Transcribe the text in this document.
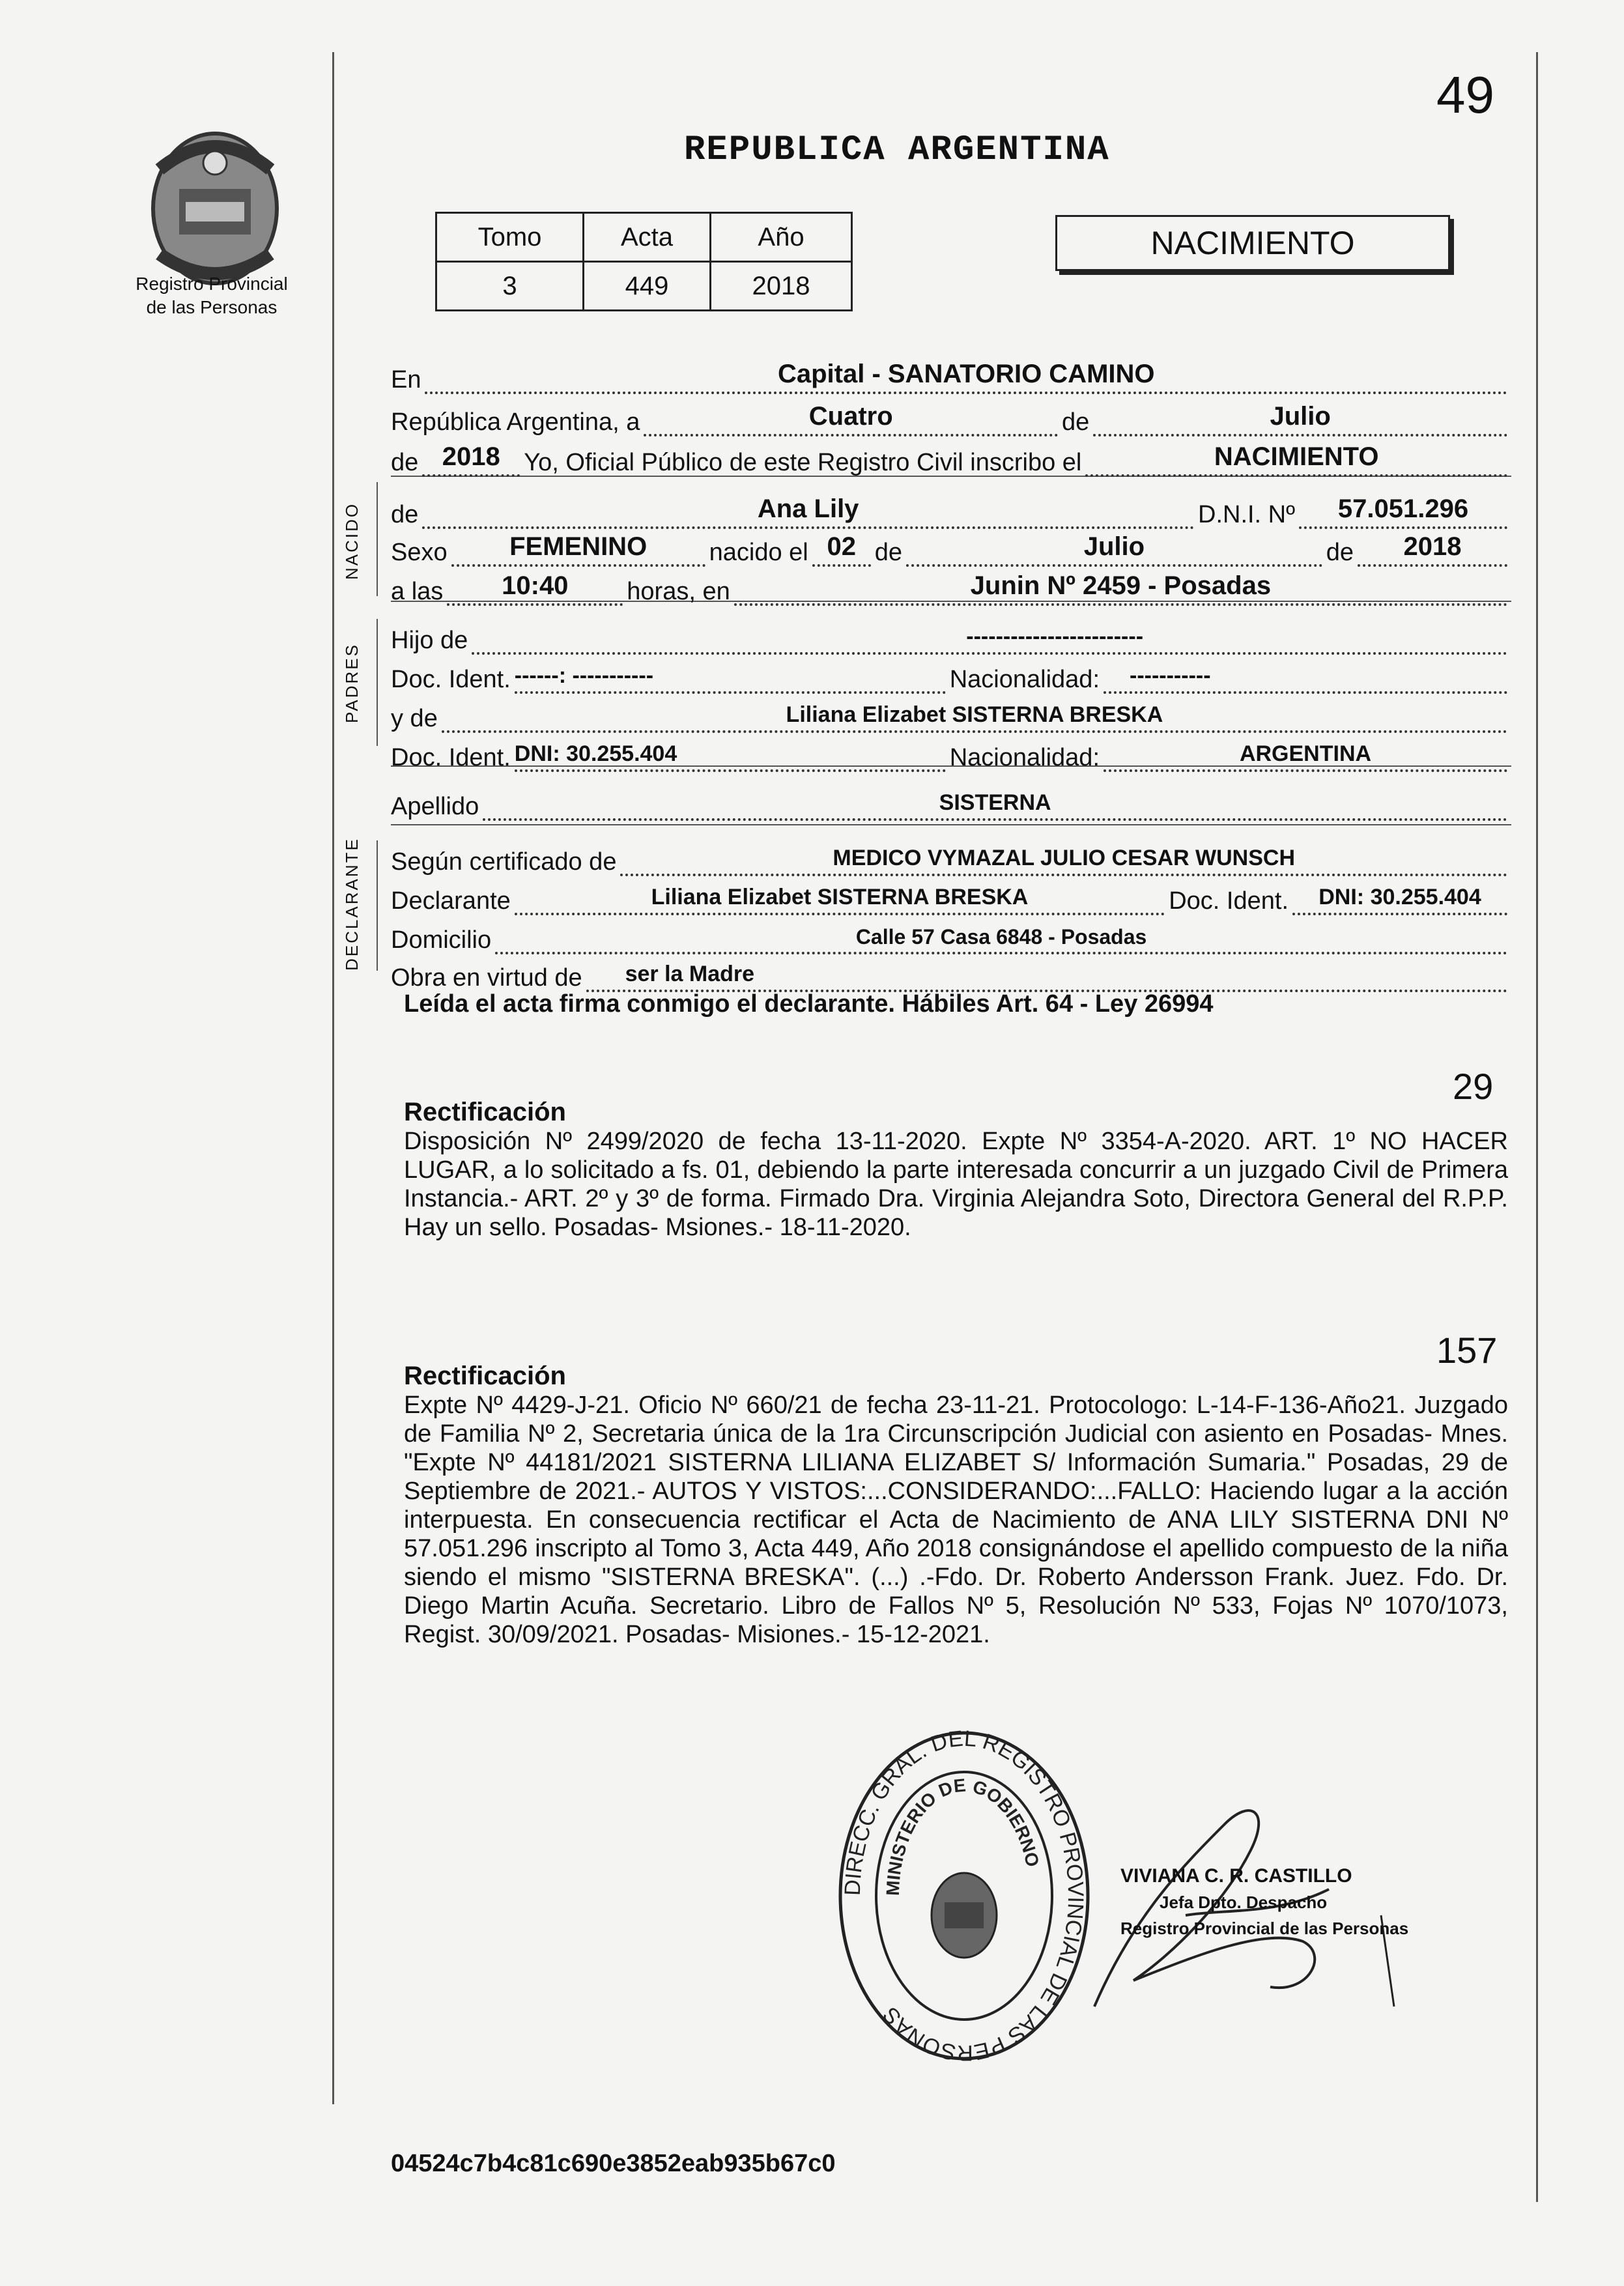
49
REPUBLICA ARGENTINA
Registro Provincial
de las Personas
Tomo	Acta	Año
3	449	2018
NACIMIENTO
NACIDO
PADRES
DECLARANTE
En	Capital - SANATORIO CAMINO
República Argentina, a	Cuatro	de	Julio
de 2018 Yo, Oficial Público de este Registro Civil inscribo el	NACIMIENTO
de	Ana Lily	D.N.I. Nº	57.051.296
Sexo	FEMENINO	nacido el 02 de	Julio	de	2018
a las	10:40	horas, en	Junin Nº 2459 - Posadas
Hijo de	------------------------
Doc. Ident. ------: -----------	Nacionalidad: -----------
y de	Liliana Elizabet SISTERNA BRESKA
Doc. Ident. DNI: 30.255.404	Nacionalidad:	ARGENTINA
Apellido	SISTERNA
Según certificado de	MEDICO VYMAZAL JULIO CESAR WUNSCH
Declarante	Liliana Elizabet SISTERNA BRESKA	Doc. Ident.	DNI: 30.255.404
Domicilio	Calle 57 Casa 6848 - Posadas
Obra en virtud de ser la Madre
Leída el acta firma conmigo el declarante. Hábiles Art. 64 - Ley 26994
29
Rectificación
Disposición Nº 2499/2020 de fecha 13-11-2020. Expte Nº 3354-A-2020. ART. 1º NO HACER LUGAR, a lo solicitado a fs. 01, debiendo la parte interesada concurrir a un juzgado Civil de Primera Instancia.- ART. 2º y 3º de forma. Firmado Dra. Virginia Alejandra Soto, Directora General del R.P.P. Hay un sello. Posadas- Msiones.- 18-11-2020.
157
Rectificación
Expte Nº 4429-J-21. Oficio Nº 660/21 de fecha 23-11-21. Protocologo: L-14-F-136-Año21. Juzgado de Familia Nº 2, Secretaria única de la 1ra Circunscripción Judicial con asiento en Posadas- Mnes. "Expte Nº 44181/2021 SISTERNA LILIANA ELIZABET S/ Información Sumaria." Posadas, 29 de Septiembre de 2021.- AUTOS Y VISTOS:...CONSIDERANDO:...FALLO: Haciendo lugar a la acción interpuesta. En consecuencia rectificar el Acta de Nacimiento de ANA LILY SISTERNA DNI Nº 57.051.296 inscripto al Tomo 3, Acta 449, Año 2018 consignándose el apellido compuesto de la niña siendo el mismo "SISTERNA BRESKA". (...) .-Fdo. Dr. Roberto Andersson Frank. Juez. Fdo. Dr. Diego Martin Acuña. Secretario. Libro de Fallos Nº 5, Resolución Nº 533, Fojas Nº 1070/1073, Regist. 30/09/2021. Posadas- Misiones.- 15-12-2021.
DIRECC. GRAL. DEL REGISTRO PROVINCIAL DE LAS PERSONAS
MINISTERIO DE GOBIERNO
VIVIANA C. R. CASTILLO
Jefa Dpto. Despacho
Registro Provincial de las Personas
04524c7b4c81c690e3852eab935b67c0
